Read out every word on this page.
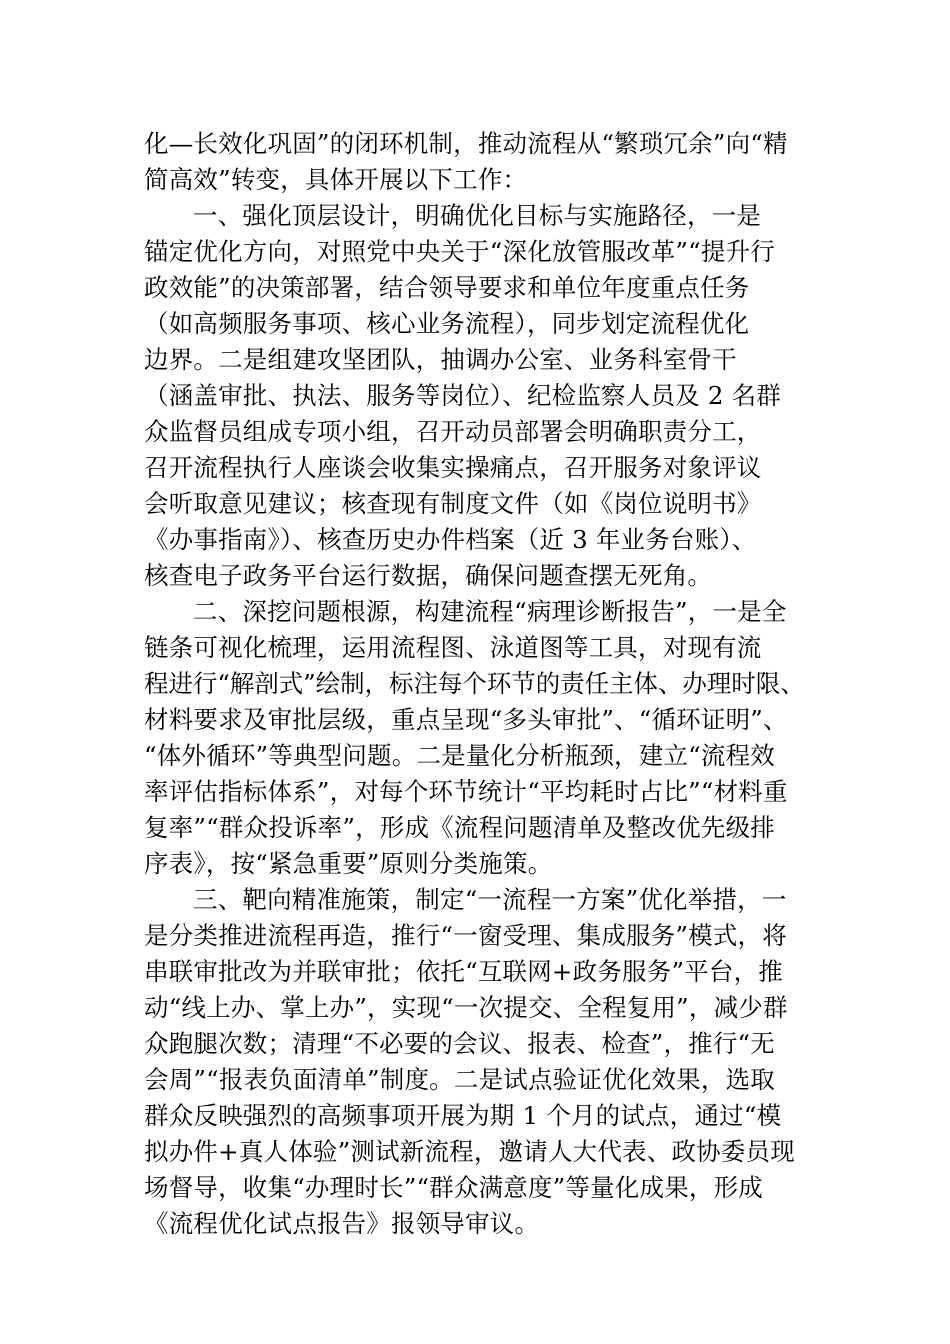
化—长效化巩固”的闭环机制，推动流程从“繁琐冗余”向“精
简高效”转变，具体开展以下工作：
一、强化顶层设计，明确优化目标与实施路径，一是
锚定优化方向，对照党中央关于“深化放管服改革”“提升行
政效能”的决策部署，结合领导要求和单位年度重点任务
（如高频服务事项、核心业务流程），同步划定流程优化
边界。二是组建攻坚团队，抽调办公室、业务科室骨干
（涵盖审批、执法、服务等岗位）、纪检监察人员及 2 名群
众监督员组成专项小组，召开动员部署会明确职责分工，
召开流程执行人座谈会收集实操痛点，召开服务对象评议
会听取意见建议；核查现有制度文件（如《岗位说明书》
《办事指南》）、核查历史办件档案（近 3 年业务台账）、
核查电子政务平台运行数据，确保问题查摆无死角。
二、深挖问题根源，构建流程“病理诊断报告”，一是全
链条可视化梳理，运用流程图、泳道图等工具，对现有流
程进行“解剖式”绘制，标注每个环节的责任主体、办理时限、
材料要求及审批层级，重点呈现“多头审批”、“循环证明”、
“体外循环”等典型问题。二是量化分析瓶颈，建立“流程效
率评估指标体系”，对每个环节统计“平均耗时占比”“材料重
复率”“群众投诉率”，形成《流程问题清单及整改优先级排
序表》，按“紧急重要”原则分类施策。
三、靶向精准施策，制定“一流程一方案”优化举措，一
是分类推进流程再造，推行“一窗受理、集成服务”模式，将
串联审批改为并联审批；依托“互联网+政务服务”平台，推
动“线上办、掌上办”，实现“一次提交、全程复用”，减少群
众跑腿次数；清理“不必要的会议、报表、检查”，推行“无
会周”“报表负面清单”制度。二是试点验证优化效果，选取
群众反映强烈的高频事项开展为期 1 个月的试点，通过“模
拟办件+真人体验”测试新流程，邀请人大代表、政协委员现
场督导，收集“办理时长”“群众满意度”等量化成果，形成
《流程优化试点报告》报领导审议。
